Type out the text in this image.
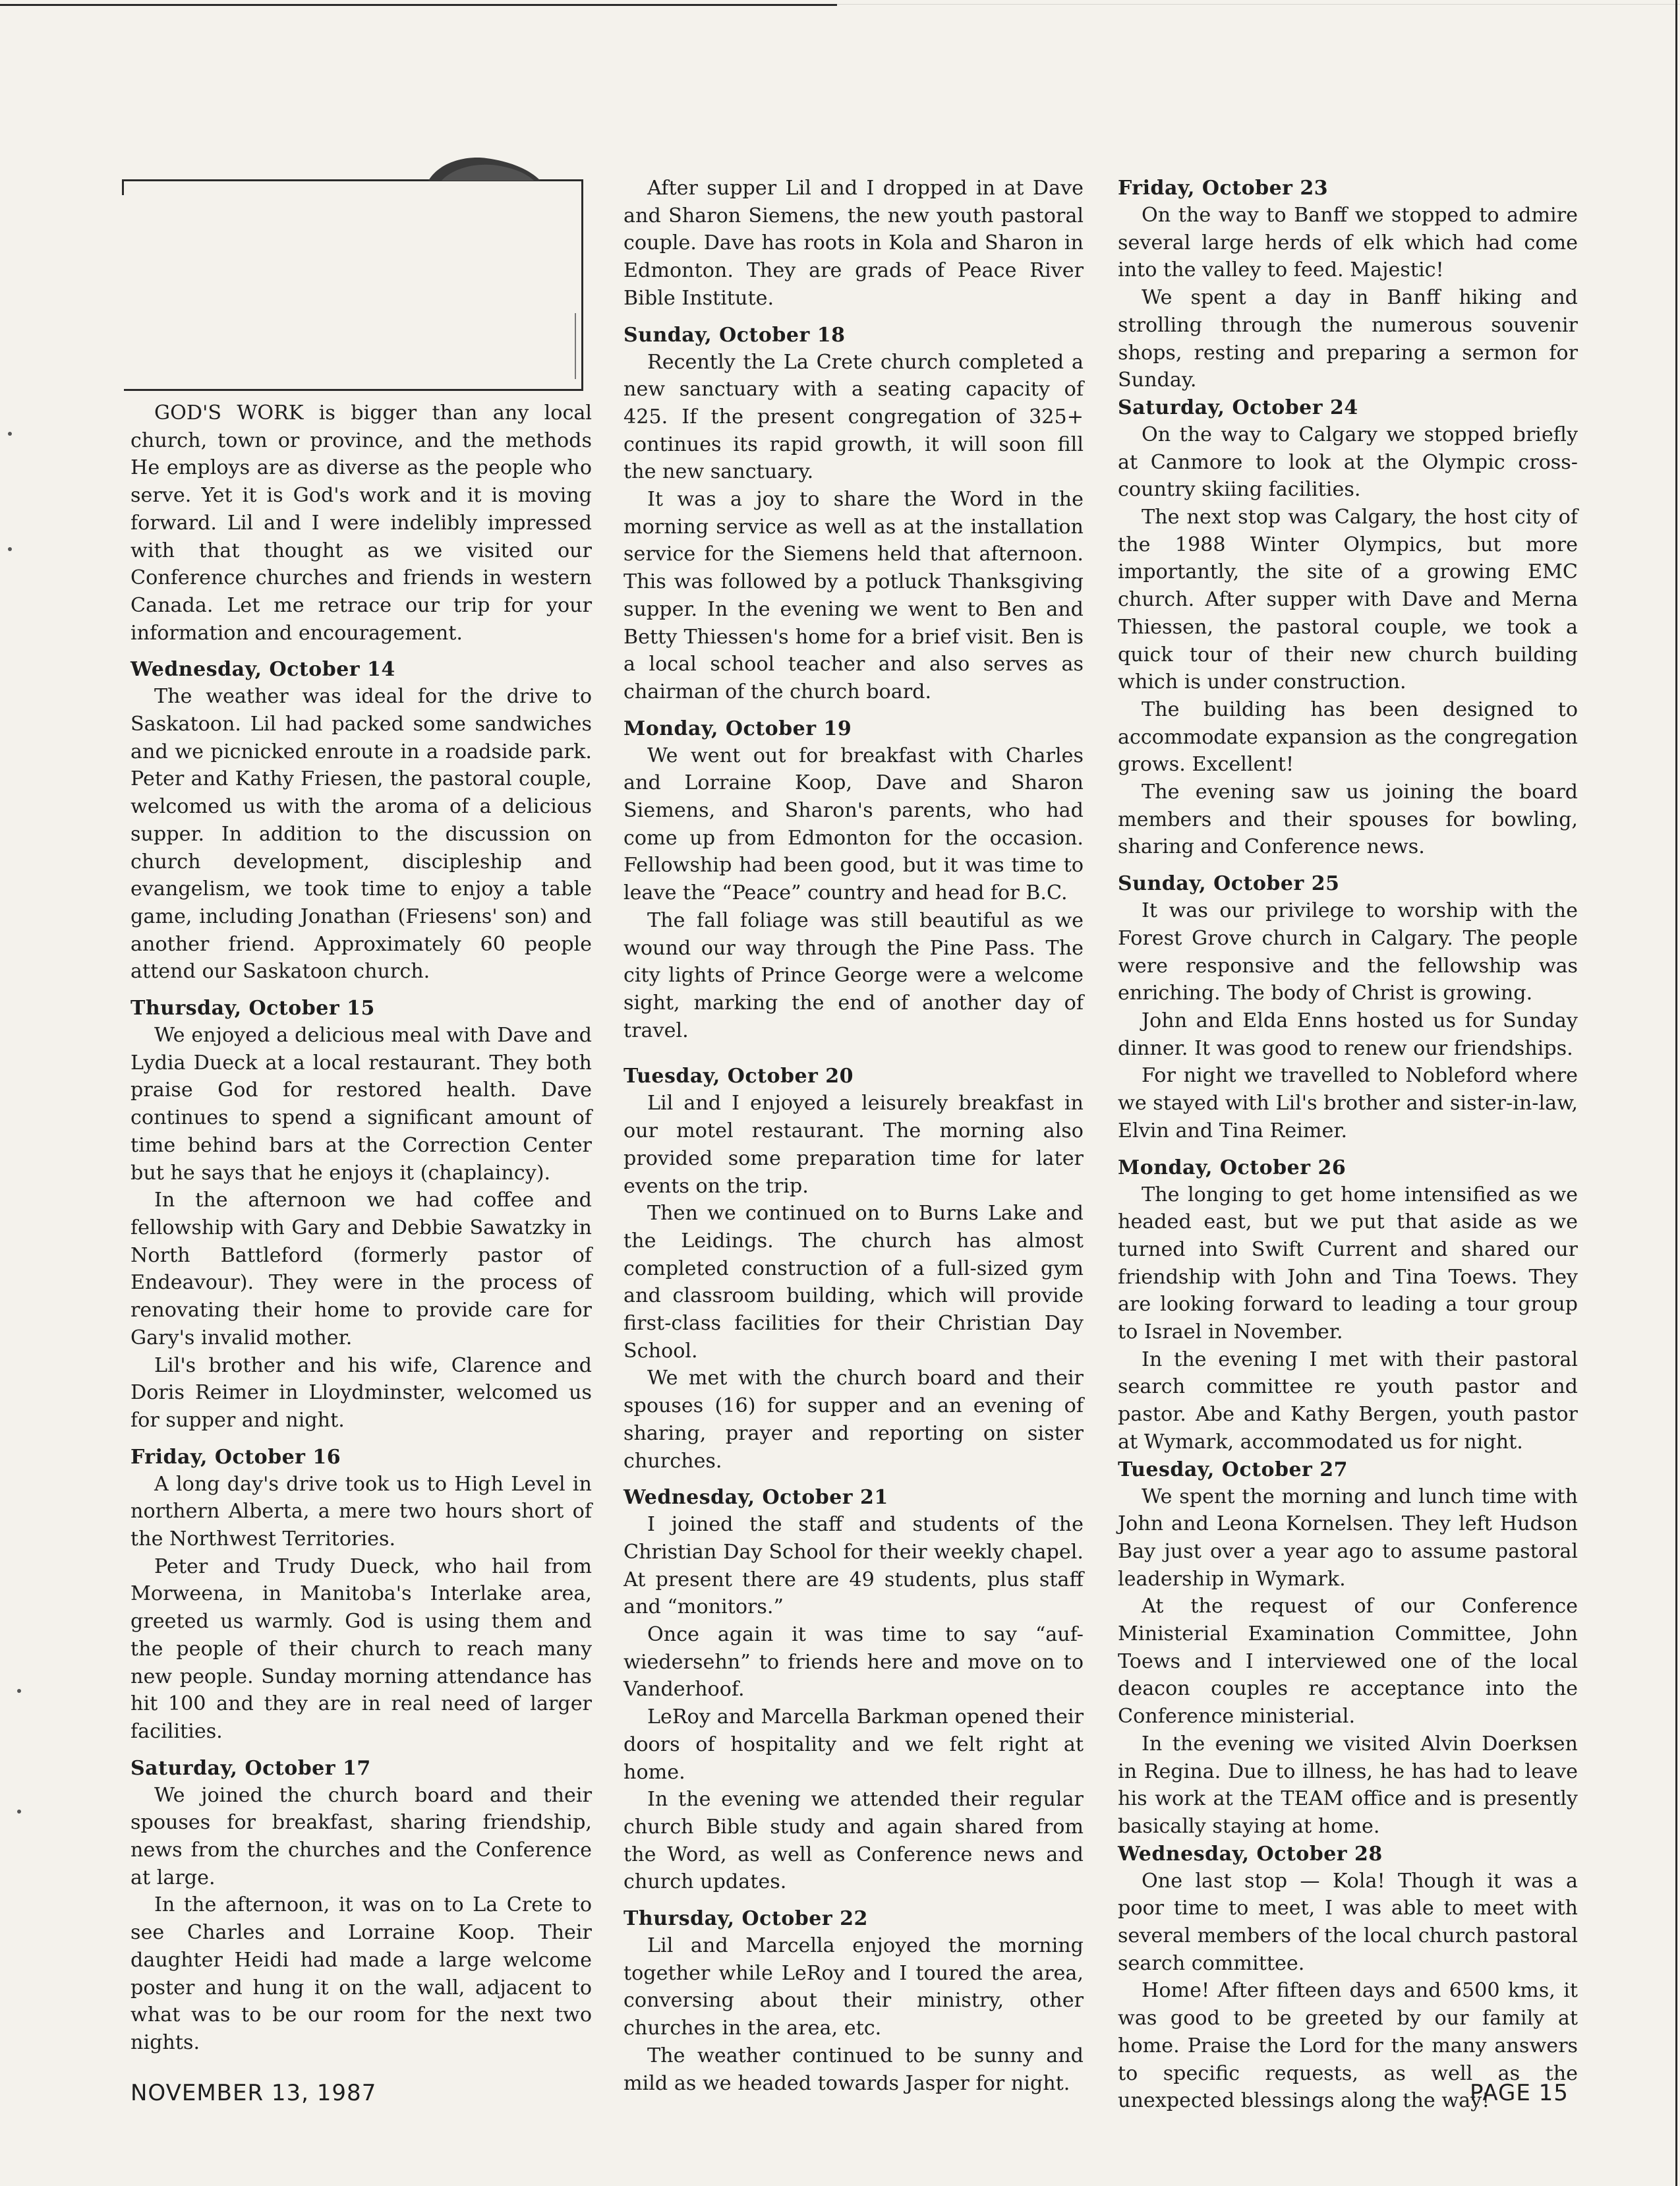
GOD'S WORK is bigger than any local church, town or province, and the methods He employs are as diverse as the people who serve. Yet it is God's work and it is moving forward. Lil and I were indelibly impressed with that thought as we visited our Conference churches and friends in western Canada. Let me retrace our trip for your information and encouragement.

Wednesday, October 14

The weather was ideal for the drive to Saskatoon. Lil had packed some sandwiches and we picnicked enroute in a roadside park. Peter and Kathy Friesen, the pastoral couple, welcomed us with the aroma of a delicious supper. In addition to the discussion on church development, discipleship and evangelism, we took time to enjoy a table game, including Jonathan (Friesens' son) and another friend. Approximately 60 people attend our Saskatoon church.

Thursday, October 15

We enjoyed a delicious meal with Dave and Lydia Dueck at a local restaurant. They both praise God for restored health. Dave continues to spend a significant amount of time behind bars at the Correction Center but he says that he enjoys it (chaplaincy).

In the afternoon we had coffee and fellowship with Gary and Debbie Sawatzky in North Battleford (formerly pastor of Endeavour). They were in the process of renovating their home to provide care for Gary's invalid mother.

Lil's brother and his wife, Clarence and Doris Reimer in Lloydminster, welcomed us for supper and night.

Friday, October 16

A long day's drive took us to High Level in northern Alberta, a mere two hours short of the Northwest Territories.

Peter and Trudy Dueck, who hail from Morweena, in Manitoba's Interlake area, greeted us warmly. God is using them and the people of their church to reach many new people. Sunday morning attendance has hit 100 and they are in real need of larger facilities.

Saturday, October 17

We joined the church board and their spouses for breakfast, sharing friendship, news from the churches and the Conference at large.

In the afternoon, it was on to La Crete to see Charles and Lorraine Koop. Their daughter Heidi had made a large welcome poster and hung it on the wall, adjacent to what was to be our room for the next two nights.

After supper Lil and I dropped in at Dave and Sharon Siemens, the new youth pastoral couple. Dave has roots in Kola and Sharon in Edmonton. They are grads of Peace River Bible Institute.

Sunday, October 18

Recently the La Crete church completed a new sanctuary with a seating capacity of 425. If the present congregation of 325+ continues its rapid growth, it will soon fill the new sanctuary.

It was a joy to share the Word in the morning service as well as at the installation service for the Siemens held that afternoon. This was followed by a potluck Thanksgiving supper. In the evening we went to Ben and Betty Thiessen's home for a brief visit. Ben is a local school teacher and also serves as chairman of the church board.

Monday, October 19

We went out for breakfast with Charles and Lorraine Koop, Dave and Sharon Siemens, and Sharon's parents, who had come up from Edmonton for the occasion. Fellowship had been good, but it was time to leave the “Peace” country and head for B.C.

The fall foliage was still beautiful as we wound our way through the Pine Pass. The city lights of Prince George were a welcome sight, marking the end of another day of travel.

Tuesday, October 20

Lil and I enjoyed a leisurely breakfast in our motel restaurant. The morning also provided some preparation time for later events on the trip.

Then we continued on to Burns Lake and the Leidings. The church has almost completed construction of a full-sized gym and classroom building, which will provide first-class facilities for their Christian Day School.

We met with the church board and their spouses (16) for supper and an evening of sharing, prayer and reporting on sister churches.

Wednesday, October 21

I joined the staff and students of the Christian Day School for their weekly chapel. At present there are 49 students, plus staff and “monitors.”

Once again it was time to say “auf-wiedersehn” to friends here and move on to Vanderhoof.

LeRoy and Marcella Barkman opened their doors of hospitality and we felt right at home.

In the evening we attended their regular church Bible study and again shared from the Word, as well as Conference news and church updates.

Thursday, October 22

Lil and Marcella enjoyed the morning together while LeRoy and I toured the area, conversing about their ministry, other churches in the area, etc.

The weather continued to be sunny and mild as we headed towards Jasper for night.

Friday, October 23

On the way to Banff we stopped to admire several large herds of elk which had come into the valley to feed. Majestic!

We spent a day in Banff hiking and strolling through the numerous souvenir shops, resting and preparing a sermon for Sunday.

Saturday, October 24

On the way to Calgary we stopped briefly at Canmore to look at the Olympic cross-country skiing facilities.

The next stop was Calgary, the host city of the 1988 Winter Olympics, but more importantly, the site of a growing EMC church. After supper with Dave and Merna Thiessen, the pastoral couple, we took a quick tour of their new church building which is under construction.

The building has been designed to accommodate expansion as the congregation grows. Excellent!

The evening saw us joining the board members and their spouses for bowling, sharing and Conference news.

Sunday, October 25

It was our privilege to worship with the Forest Grove church in Calgary. The people were responsive and the fellowship was enriching. The body of Christ is growing.

John and Elda Enns hosted us for Sunday dinner. It was good to renew our friendships.

For night we travelled to Nobleford where we stayed with Lil's brother and sister-in-law, Elvin and Tina Reimer.

Monday, October 26

The longing to get home intensified as we headed east, but we put that aside as we turned into Swift Current and shared our friendship with John and Tina Toews. They are looking forward to leading a tour group to Israel in November.

In the evening I met with their pastoral search committee re youth pastor and pastor. Abe and Kathy Bergen, youth pastor at Wymark, accommodated us for night.

Tuesday, October 27

We spent the morning and lunch time with John and Leona Kornelsen. They left Hudson Bay just over a year ago to assume pastoral leadership in Wymark.

At the request of our Conference Ministerial Examination Committee, John Toews and I interviewed one of the local deacon couples re acceptance into the Conference ministerial.

In the evening we visited Alvin Doerksen in Regina. Due to illness, he has had to leave his work at the TEAM office and is presently basically staying at home.

Wednesday, October 28

One last stop — Kola! Though it was a poor time to meet, I was able to meet with several members of the local church pastoral search committee.

Home! After fifteen days and 6500 kms, it was good to be greeted by our family at home. Praise the Lord for the many answers to specific requests, as well as the unexpected blessings along the way!

NOVEMBER 13, 1987	PAGE 15
